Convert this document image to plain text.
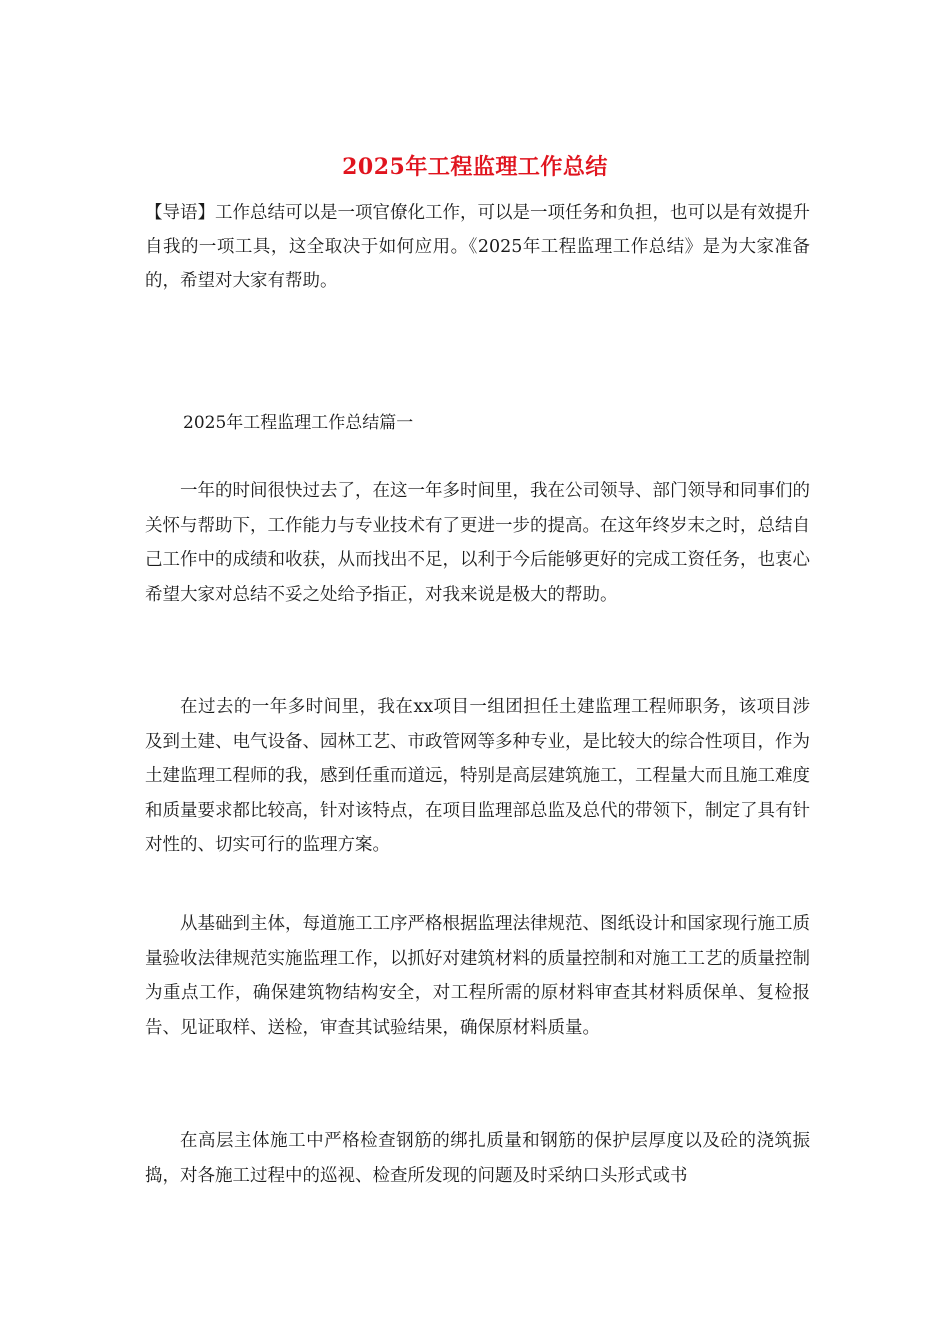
2025年工程监理工作总结

【导语】工作总结可以是一项官僚化工作，可以是一项任务和负担，也可以是有效提升自我的一项工具，这全取决于如何应用。《2025年工程监理工作总结》是为大家准备的，希望对大家有帮助。

2025年工程监理工作总结篇一

一年的时间很快过去了，在这一年多时间里，我在公司领导、部门领导和同事们的关怀与帮助下，工作能力与专业技术有了更进一步的提高。在这年终岁末之时，总结自己工作中的成绩和收获，从而找出不足，以利于今后能够更好的完成工资任务，也衷心希望大家对总结不妥之处给予指正，对我来说是极大的帮助。

在过去的一年多时间里，我在xx项目一组团担任土建监理工程师职务，该项目涉及到土建、电气设备、园林工艺、市政管网等多种专业，是比较大的综合性项目，作为土建监理工程师的我，感到任重而道远，特别是高层建筑施工，工程量大而且施工难度和质量要求都比较高，针对该特点，在项目监理部总监及总代的带领下，制定了具有针对性的、切实可行的监理方案。

从基础到主体，每道施工工序严格根据监理法律规范、图纸设计和国家现行施工质量验收法律规范实施监理工作，以抓好对建筑材料的质量控制和对施工工艺的质量控制为重点工作，确保建筑物结构安全，对工程所需的原材料审查其材料质保单、复检报告、见证取样、送检，审查其试验结果，确保原材料质量。

在高层主体施工中严格检查钢筋的绑扎质量和钢筋的保护层厚度以及砼的浇筑振捣，对各施工过程中的巡视、检查所发现的问题及时采纳口头形式或书
